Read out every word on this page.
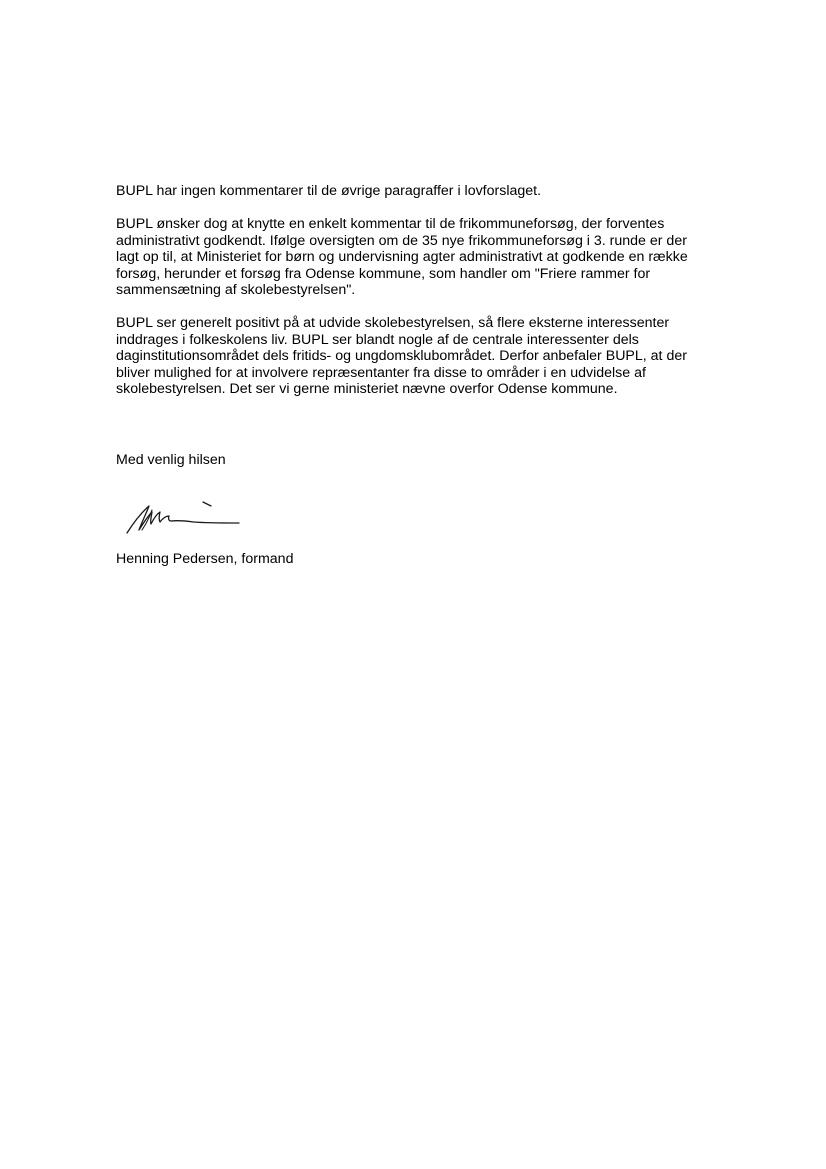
BUPL har ingen kommentarer til de øvrige paragraffer i lovforslaget.

BUPL ønsker dog at knytte en enkelt kommentar til de frikommuneforsøg, der forventes
administrativt godkendt. Ifølge oversigten om de 35 nye frikommuneforsøg i 3. runde er der
lagt op til, at Ministeriet for børn og undervisning agter administrativt at godkende en række
forsøg, herunder et forsøg fra Odense kommune, som handler om "Friere rammer for
sammensætning af skolebestyrelsen".

BUPL ser generelt positivt på at udvide skolebestyrelsen, så flere eksterne interessenter
inddrages i folkeskolens liv. BUPL ser blandt nogle af de centrale interessenter dels
daginstitutionsområdet dels fritids- og ungdomsklubområdet. Derfor anbefaler BUPL, at der
bliver mulighed for at involvere repræsentanter fra disse to områder i en udvidelse af
skolebestyrelsen. Det ser vi gerne ministeriet nævne overfor Odense kommune.

Med venlig hilsen

Henning Pedersen, formand
